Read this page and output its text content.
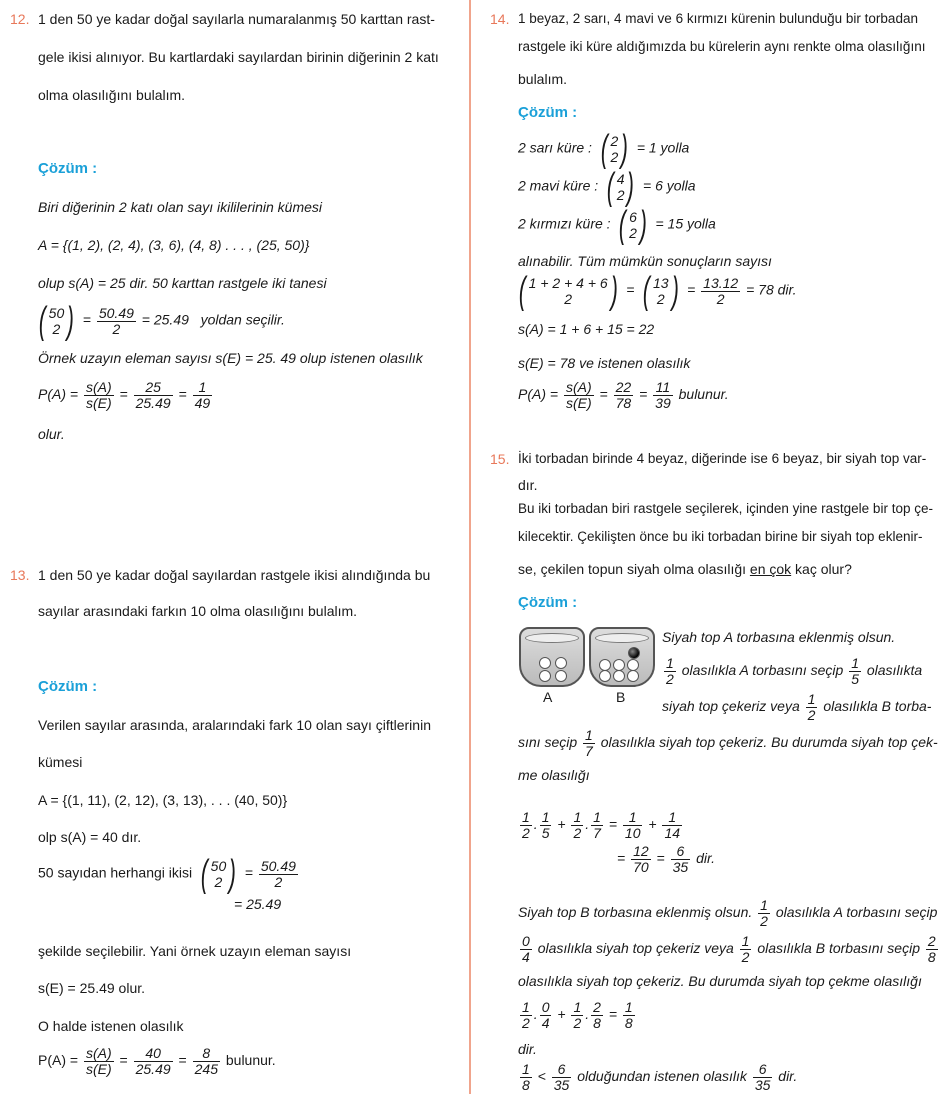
12. 1 den 50 ye kadar doğal sayılarla numaralanmış 50 karttan rast-
gele ikisi alınıyor. Bu kartlardaki sayılardan birinin diğerinin 2 katı
olma olasılığını bulalım.
Çözüm :
Biri diğerinin 2 katı olan sayı ikililerinin kümesi
A = {(1, 2), (2, 4), (3, 6), (4, 8) . . . , (25, 50)}
olup s(A) = 25 dir. 50 karttan rastgele iki tanesi
( 50
2 ) = $\frac{50.49}{2} = 25.49$ yoldan seçilir.
Örnek uzayın eleman sayısı s(E) = 25. 49 olup istenen olasılık
$P(A) = \frac{s(A)}{s(E)} = \frac{25}{25.49} = \frac{1}{49}$
olur.
13. 1 den 50 ye kadar doğal sayılardan rastgele ikisi alındığında bu
sayılar arasındaki farkın 10 olma olasılığını bulalım.
Çözüm :
Verilen sayılar arasında, aralarındaki fark 10 olan sayı çiftlerinin
kümesi
A = {(1, 11), (2, 12), (3, 13), . . . (40, 50)}
olp s(A) = 40 dır.
50 sayıdan herhangi ikisi ( 50
2 ) = $\frac{50.49}{2}$
= 25.49
şekilde seçilebilir. Yani örnek uzayın eleman sayısı
s(E) = 25.49 olur.
O halde istenen olasılık
$P(A) = \frac{s(A)}{s(E)} = \frac{40}{25.49} = \frac{8}{245}$ bulunur.
14. 1 beyaz, 2 sarı, 4 mavi ve 6 kırmızı kürenin bulunduğu bir torbadan
rastgele iki küre aldığımızda bu kürelerin aynı renkte olma olasılığını
bulalım.
Çözüm :
2 sarı küre : ( 2
2 ) = 1 yolla
2 mavi küre : ( 4
2 ) = 6 yolla
2 kırmızı küre : ( 6
2 ) = 15 yolla
alınabilir. Tüm mümkün sonuçların sayısı
( 1 + 2 + 4 + 6
2	) = ( 13
2 ) = $\frac{13.12}{2} = 78$ dir.
s(A) = 1 + 6 + 15 = 22
s(E) = 78 ve istenen olasılık
$P(A) = \frac{s(A)}{s(E)} = \frac{22}{78} = \frac{11}{39}$ bulunur.
15. İki torbadan birinde 4 beyaz, diğerinde ise 6 beyaz, bir siyah top var-
dır.
Bu iki torbadan biri rastgele seçilerek, içinden yine rastgele bir top çe-
kilecektir. Çekilişten önce bu iki torbadan birine bir siyah top eklenir-
se, çekilen topun siyah olma olasılığı en çok kaç olur?
Çözüm :
A	B
Siyah top A torbasına eklenmiş olsun.
$\frac{1}{2}$ olasılıkla A torbasını seçip $\frac{1}{5}$ olasılıkta
siyah top çekeriz veya $\frac{1}{2}$ olasılıkla B torba-
sını seçip $\frac{1}{7}$ olasılıkla siyah top çekeriz. Bu durumda siyah top çek-
me olasılığı
$\frac{1}{2}$ . $\frac{1}{5} + \frac{1}{2}$ . $\frac{1}{7} = \frac{1}{10} + \frac{1}{14}$
= $\frac{12}{70} = \frac{6}{35}$ dir.
Siyah top B torbasına eklenmiş olsun. $\frac{1}{2}$ olasılıkla A torbasını seçip
$\frac{0}{4}$ olasılıkla siyah top çekeriz veya $\frac{1}{2}$ olasılıkla B torbasını seçip $\frac{2}{8}$
olasılıkla siyah top çekeriz. Bu durumda siyah top çekme olasılığı
$\frac{1}{2}$ . $\frac{0}{4} + \frac{1}{2}$ . $\frac{2}{8} = \frac{1}{8}$
dir.
$\frac{1}{8} < \frac{6}{35}$ olduğundan istenen olasılık $\frac{6}{35}$ dir.
